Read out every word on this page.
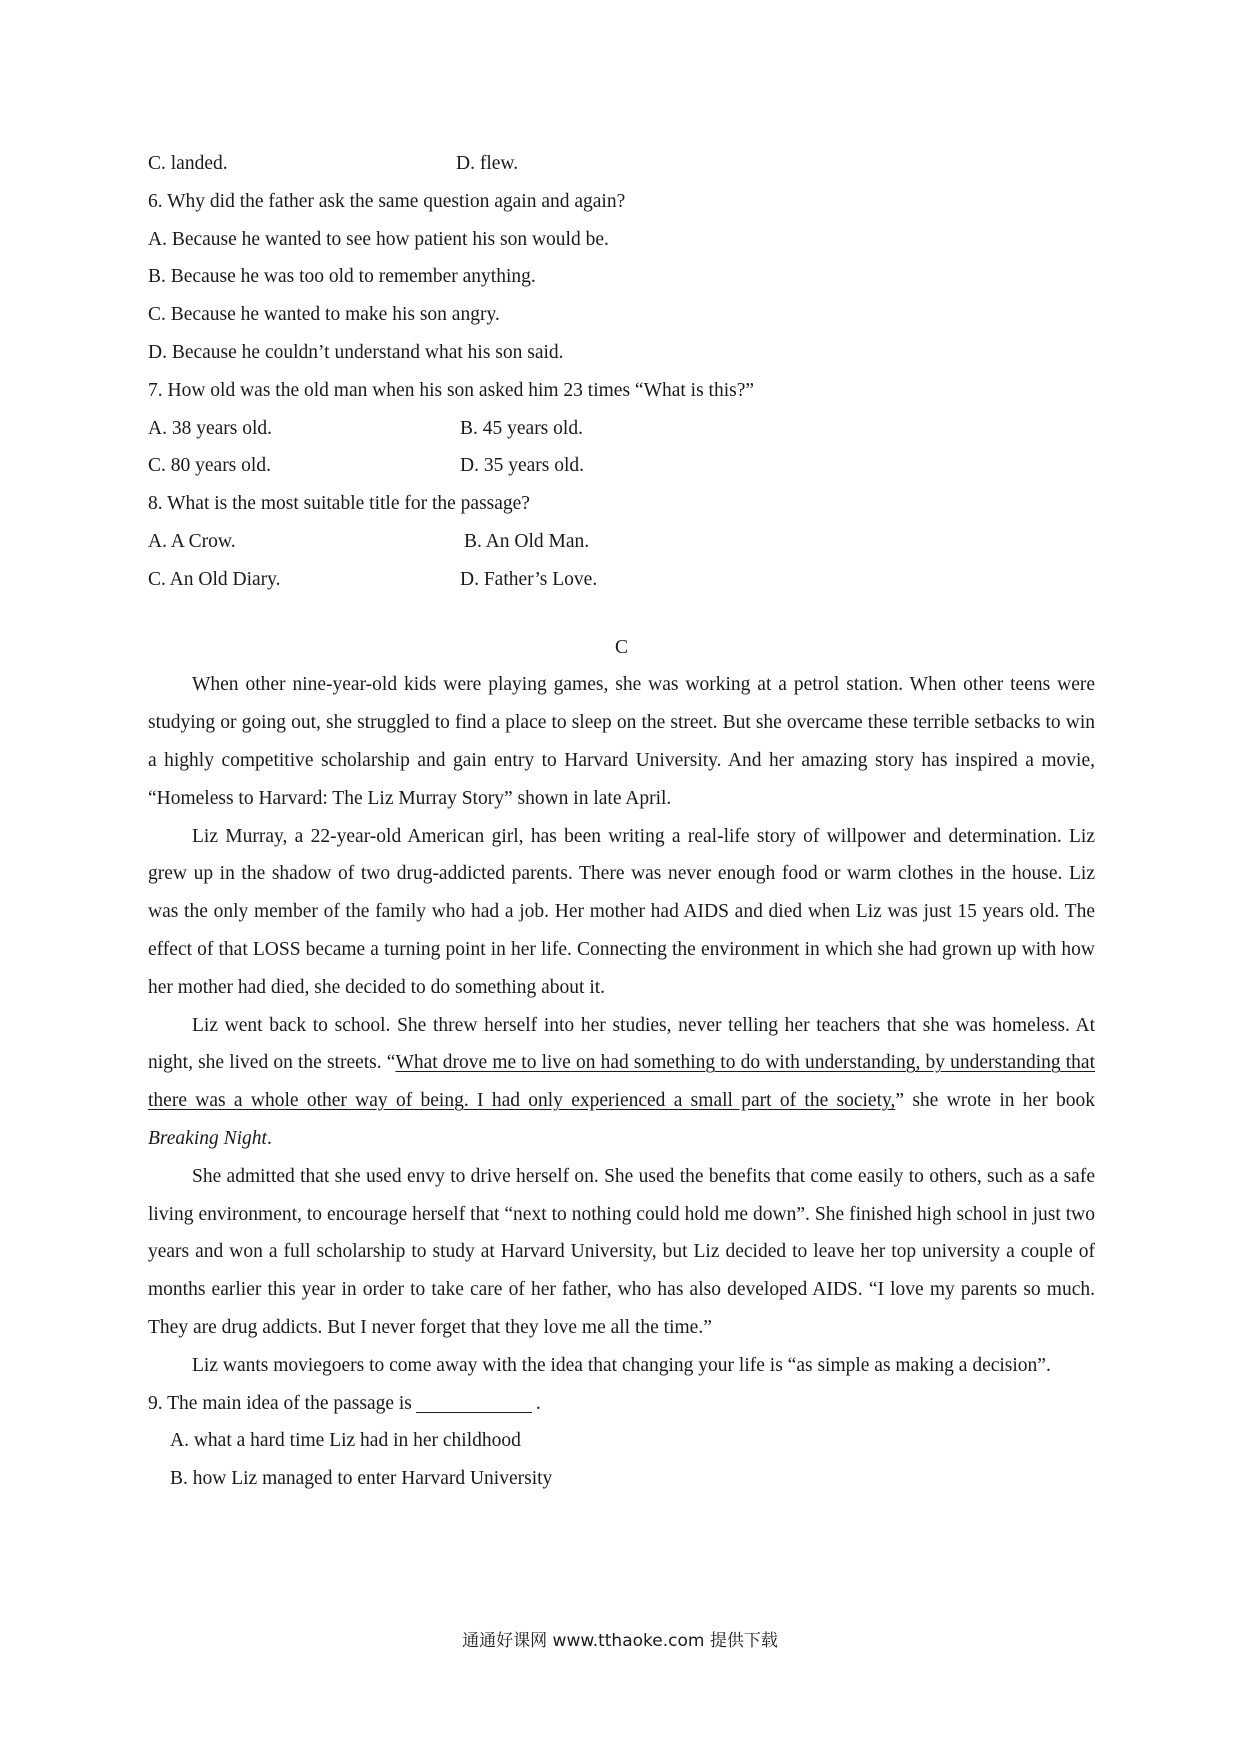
C. landed.	D. flew.
6. Why did the father ask the same question again and again?
A. Because he wanted to see how patient his son would be.
B. Because he was too old to remember anything.
C. Because he wanted to make his son angry.
D. Because he couldn’t understand what his son said.
7. How old was the old man when his son asked him 23 times “What is this?”
A. 38 years old.	B. 45 years old.
C. 80 years old.	D. 35 years old.
8. What is the most suitable title for the passage?
A. A Crow.	B. An Old Man.
C. An Old Diary.	D. Father’s Love.
C

When other nine-year-old kids were playing games, she was working at a petrol station. When other teens were studying or going out, she struggled to find a place to sleep on the street. But she overcame these terrible setbacks to win a highly competitive scholarship and gain entry to Harvard University. And her amazing story has inspired a movie, “Homeless to Harvard: The Liz Murray Story” shown in late April.

Liz Murray, a 22-year-old American girl, has been writing a real-life story of willpower and determination. Liz grew up in the shadow of two drug-addicted parents. There was never enough food or warm clothes in the house. Liz was the only member of the family who had a job. Her mother had AIDS and died when Liz was just 15 years old. The effect of that LOSS became a turning point in her life. Connecting the environment in which she had grown up with how her mother had died, she decided to do something about it.

Liz went back to school. She threw herself into her studies, never telling her teachers that she was homeless. At night, she lived on the streets. “What drove me to live on had something to do with understanding, by understanding that there was a whole other way of being. I had only experienced a small part of the society,” she wrote in her book Breaking Night.

She admitted that she used envy to drive herself on. She used the benefits that come easily to others, such as a safe living environment, to encourage herself that “next to nothing could hold me down”. She finished high school in just two years and won a full scholarship to study at Harvard University, but Liz decided to leave her top university a couple of months earlier this year in order to take care of her father, who has also developed AIDS. “I love my parents so much. They are drug addicts. But I never forget that they love me all the time.”

Liz wants moviegoers to come away with the idea that changing your life is “as simple as making a decision”.

9. The main idea of the passage is	.
A. what a hard time Liz had in her childhood
B. how Liz managed to enter Harvard University
通通好课网 www.tthaoke.com 提供下载
